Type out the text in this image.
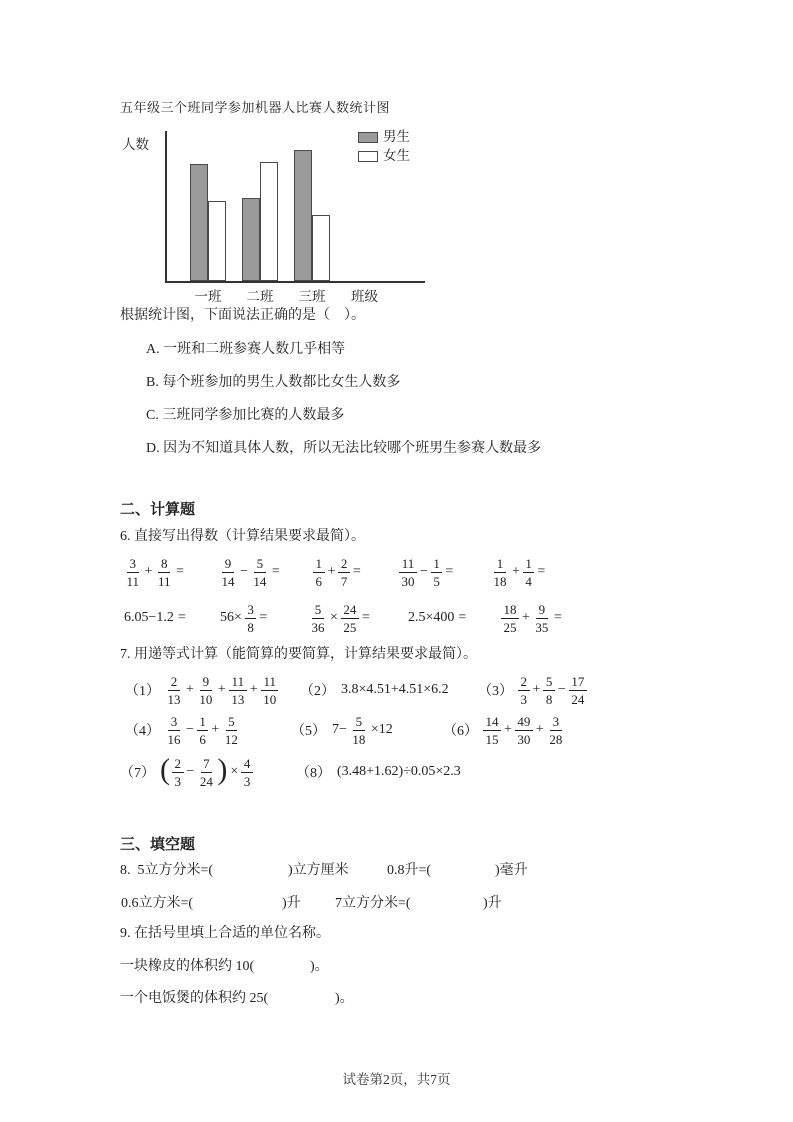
五年级三个班同学参加机器人比赛人数统计图
人数
班级
一班	二班	三班
男生
女生
根据统计图，下面说法正确的是（　）。
二、计算题
6. 直接写出得数（计算结果要求最简）。
$\frac{3}{11} + \frac{8}{11}$ =	$\frac{9}{14} - \frac{5}{14}$ =	$\frac{1}{6} + \frac{2}{7}$ =	$\frac{11}{30} - \frac{1}{5}$ =	$\frac{1}{18} + \frac{1}{4}$ =
$6.05-1.2 = 56\times \frac{3}{8}$ =	$\frac{5}{36} \times \frac{24}{25}$ =	2.5×400 =	$\frac{18}{25} + \frac{9}{35}$ =
7. 用递等式计算（能简算的要简算，计算结果要求最简）。
$(1) \frac{2}{13} + \frac{9}{10} + \frac{11}{13} + \frac{11}{10} (2)$ 3.8×4.51+4.51×6.2 $(3) \frac{2}{3} + \frac{5}{8} - \frac{17}{24}$
$(4) \frac{3}{16} - \frac{1}{6} + \frac{5}{12}$	（5） $7- \frac{5}{18} \times 12$	$(6) \frac{14}{15} + \frac{49}{30} + \frac{3}{28}$
（7） ( $\frac{2}{3} - \frac{7}{24}$ ) × $\frac{4}{3}$	（8） (3.48+1.62)÷0.05×2.3
三、填空题
8.  5立方分米=(	)立方厘米	0.8升=(	)毫升
0.6立方米=(	)升 7立方分米=(	)升
9. 在括号里填上合适的单位名称。
一块橡皮的体积约 10(	)。
一个电饭煲的体积约 25(	)。
试卷第2页，共7页
A. 一班和二班参赛人数几乎相等
B. 每个班参加的男生人数都比女生人数多
C. 三班同学参加比赛的人数最多
D. 因为不知道具体人数，所以无法比较哪个班男生参赛人数最多
